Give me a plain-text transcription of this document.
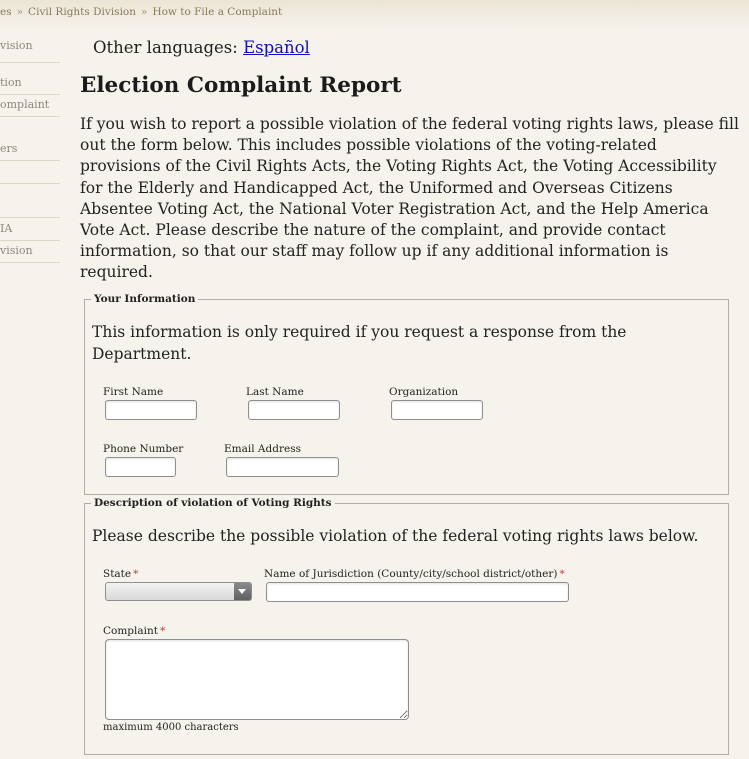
es » Civil Rights Division » How to File a Complaint
vision
tion
omplaint
ers
IA
vision
Other languages: Español
Election Complaint Report

If you wish to report a possible violation of the federal voting rights laws, please fill out the form below. This includes possible violations of the voting-related provisions of the Civil Rights Acts, the Voting Rights Act, the Voting Accessibility for the Elderly and Handicapped Act, the Uniformed and Overseas Citizens Absentee Voting Act, the National Voter Registration Act, and the Help America Vote Act. Please describe the nature of the complaint, and provide contact information, so that our staff may follow up if any additional information is required.

Your Information

This information is only required if you request a response from the Department.

First Name	Last Name	Organization
Phone Number	Email Address
Description of violation of Voting Rights

Please describe the possible violation of the federal voting rights laws below.

State *	Name of Jurisdiction (County/city/school district/other) *
Complaint *
maximum 4000 characters
